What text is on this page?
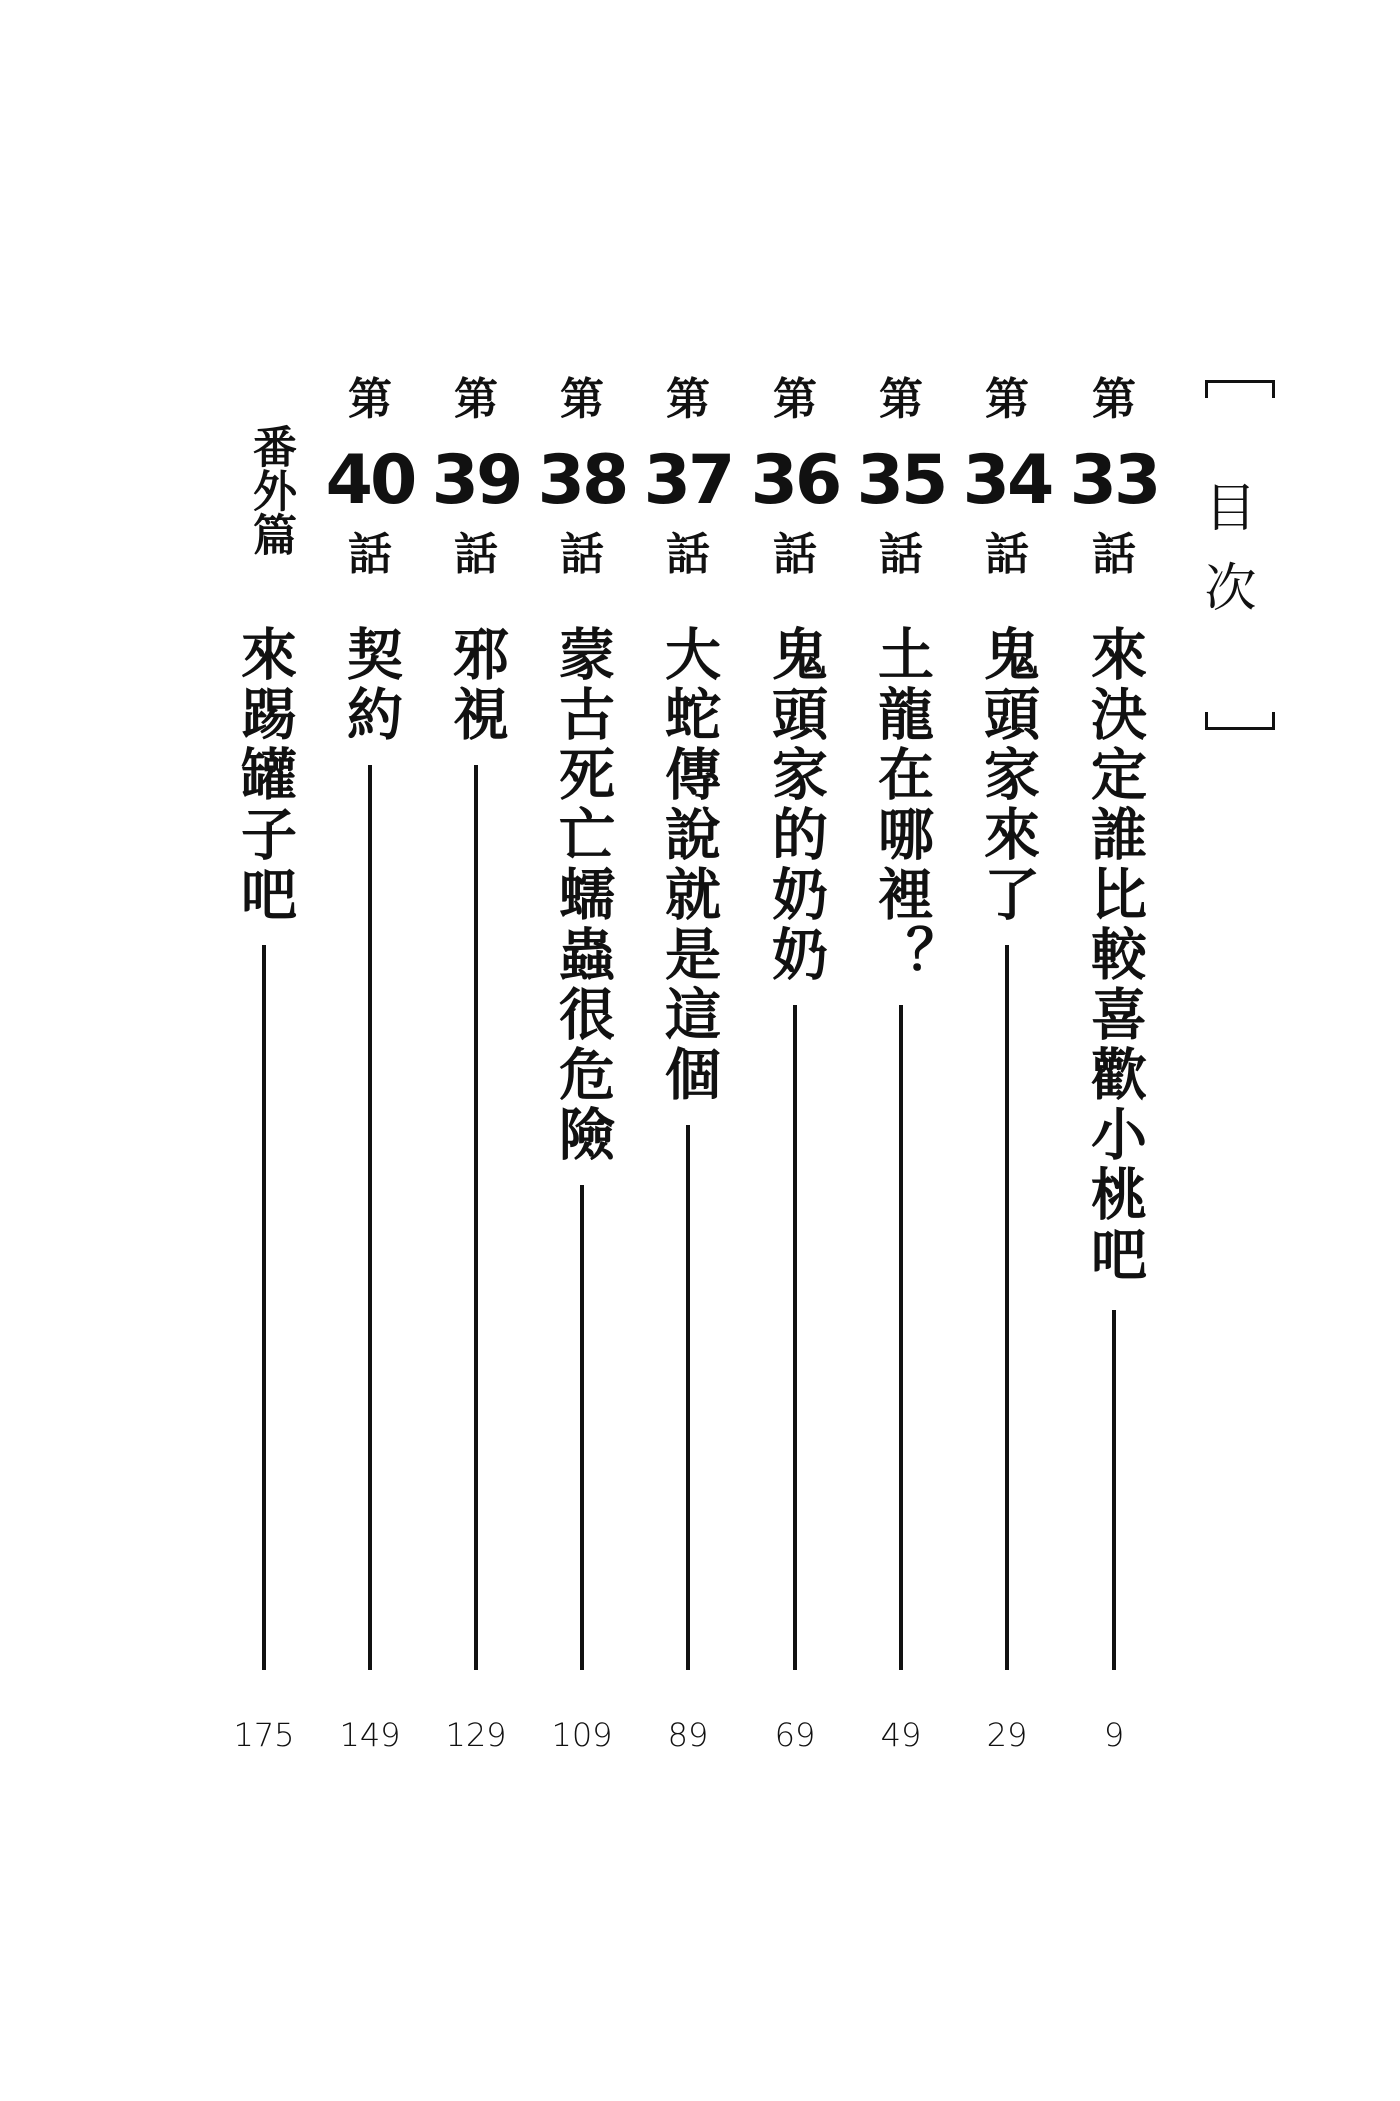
目次
第
33
話
來決定誰比較喜歡小桃吧
9
第
34
話
鬼頭家來了
29
第
35
話
土龍在哪裡？
49
第
36
話
鬼頭家的奶奶
69
第
37
話
大蛇傳說就是這個
89
第
38
話
蒙古死亡蠕蟲很危險
109
第
39
話
邪視
129
第
40
話
契約
149
番外篇
來踢罐子吧
175
